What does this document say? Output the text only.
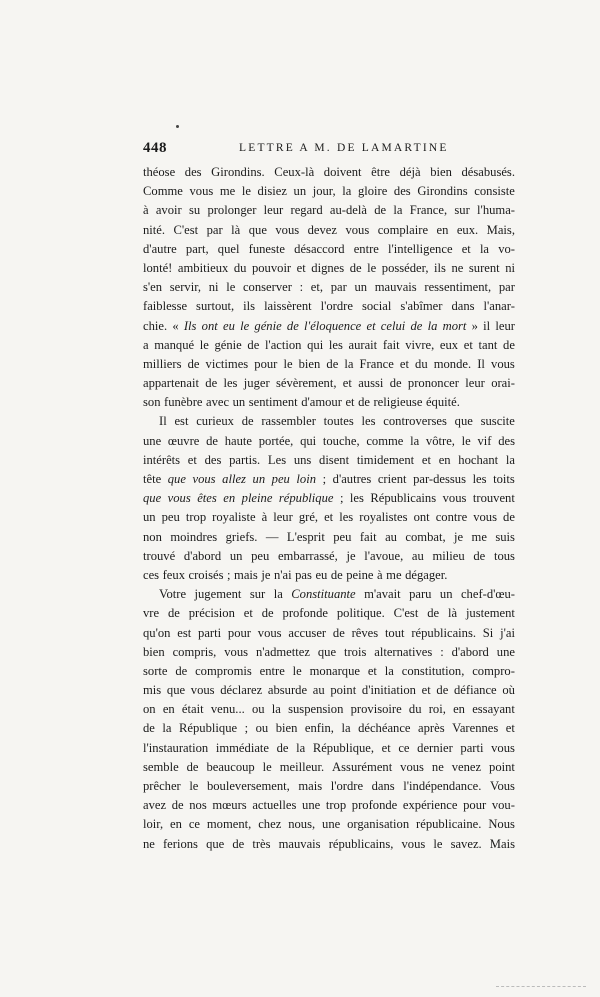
448	LETTRE A M. DE LAMARTINE
théose des Girondins. Ceux-là doivent être déjà bien désabusés.
Comme vous me le disiez un jour, la gloire des Girondins consiste
à avoir su prolonger leur regard au-delà de la France, sur l'huma-
nité. C'est par là que vous devez vous complaire en eux. Mais,
d'autre part, quel funeste désaccord entre l'intelligence et la vo-
lonté! ambitieux du pouvoir et dignes de le posséder, ils ne surent ni
s'en servir, ni le conserver : et, par un mauvais ressentiment, par
faiblesse surtout, ils laissèrent l'ordre social s'abîmer dans l'anar-
chie. « Ils ont eu le génie de l'éloquence et celui de la mort » il leur
a manqué le génie de l'action qui les aurait fait vivre, eux et tant de
milliers de victimes pour le bien de la France et du monde. Il vous
appartenait de les juger sévèrement, et aussi de prononcer leur orai-
son funèbre avec un sentiment d'amour et de religieuse équité.
Il est curieux de rassembler toutes les controverses que suscite
une œuvre de haute portée, qui touche, comme la vôtre, le vif des
intérêts et des partis. Les uns disent timidement et en hochant la
tête que vous allez un peu loin ; d'autres crient par-dessus les toits
que vous êtes en pleine république ; les Républicains vous trouvent
un peu trop royaliste à leur gré, et les royalistes ont contre vous de
non moindres griefs. — L'esprit peu fait au combat, je me suis
trouvé d'abord un peu embarrassé, je l'avoue, au milieu de tous
ces feux croisés ; mais je n'ai pas eu de peine à me dégager.
Votre jugement sur la Constituante m'avait paru un chef-d'œu-
vre de précision et de profonde politique. C'est de là justement
qu'on est parti pour vous accuser de rêves tout républicains. Si j'ai
bien compris, vous n'admettez que trois alternatives : d'abord une
sorte de compromis entre le monarque et la constitution, compro-
mis que vous déclarez absurde au point d'initiation et de défiance où
on en était venu... ou la suspension provisoire du roi, en essayant
de la République ; ou bien enfin, la déchéance après Varennes et
l'instauration immédiate de la République, et ce dernier parti vous
semble de beaucoup le meilleur. Assurément vous ne venez point
prêcher le bouleversement, mais l'ordre dans l'indépendance. Vous
avez de nos mœurs actuelles une trop profonde expérience pour vou-
loir, en ce moment, chez nous, une organisation républicaine. Nous
ne ferions que de très mauvais républicains, vous le savez. Mais
